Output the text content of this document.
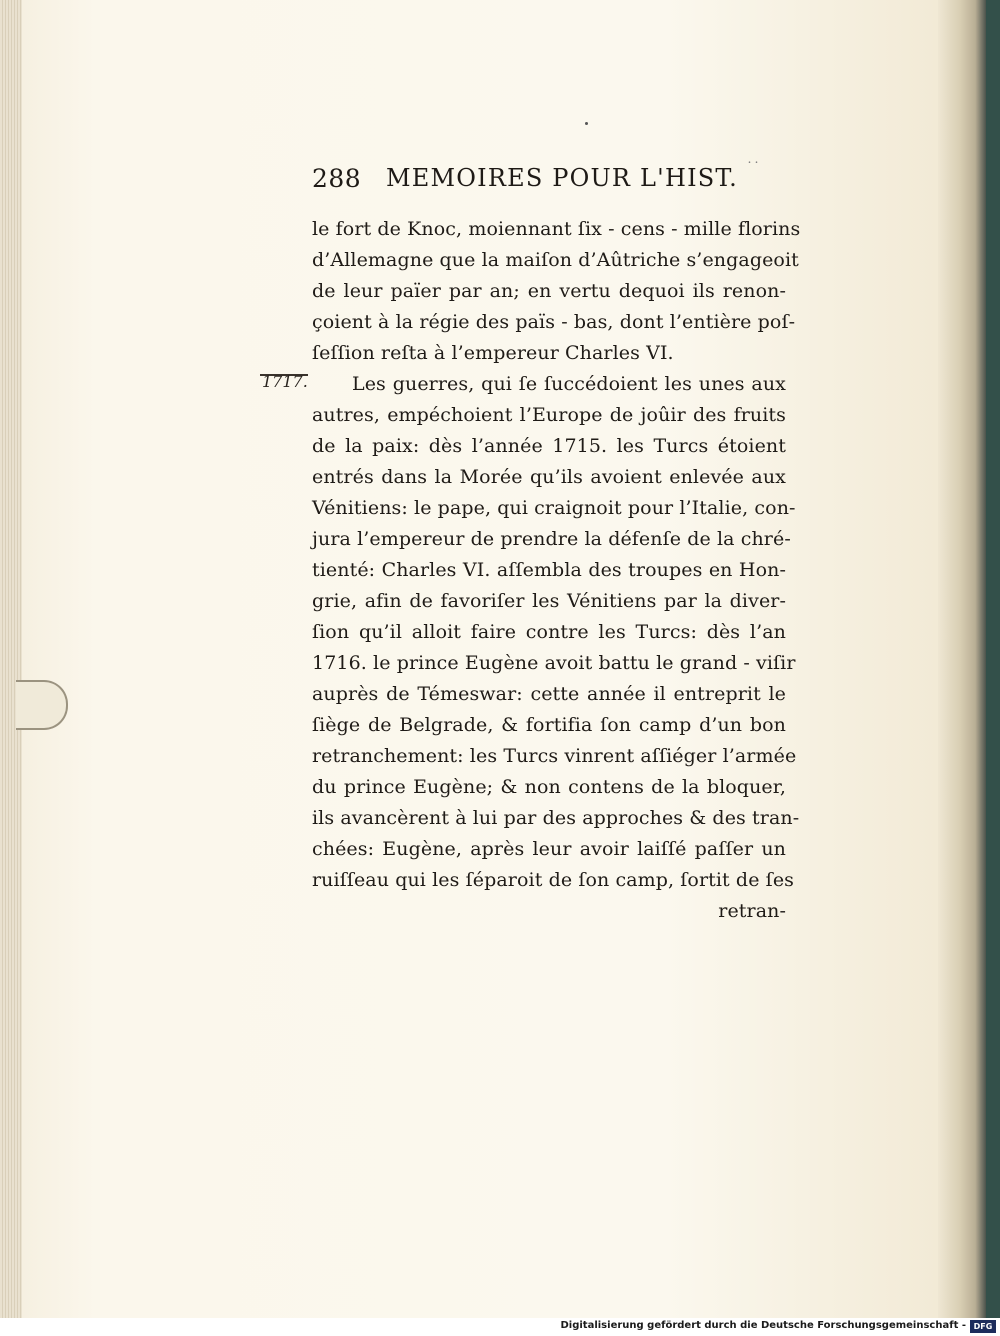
288 MEMOIRES POUR L'HIST. ˙˙
1717.
le fort de Knoc, moiennant ſix - cens - mille florins
d’Allemagne que la maiſon d’Aûtriche s’engageoit
de leur païer par an; en vertu dequoi ils renon-
çoient à la régie des païs - bas, dont l’entière poſ-
ſeſſion reſta à l’empereur Charles VI.
Les guerres, qui ſe ſuccédoient les unes aux
autres, empéchoient l’Europe de joûir des fruits
de la paix: dès l’année 1715. les Turcs étoient
entrés dans la Morée qu’ils avoient enlevée aux
Vénitiens: le pape, qui craignoit pour l’Italie, con-
jura l’empereur de prendre la défenſe de la chré-
tienté: Charles VI. aſſembla des troupes en Hon-
grie, afin de favoriſer les Vénitiens par la diver-
ſion qu’il alloit faire contre les Turcs: dès l’an
1716. le prince Eugène avoit battu le grand - viſir
auprès de Témeswar: cette année il entreprit le
ſiège de Belgrade, & fortifia ſon camp d’un bon
retranchement: les Turcs vinrent aſſiéger l’armée
du prince Eugène; & non contens de la bloquer,
ils avancèrent à lui par des approches & des tran-
chées: Eugène, après leur avoir laiſſé paſſer un
ruiſſeau qui les ſéparoit de ſon camp, ſortit de ſes
retran-
Digitalisierung gefördert durch die Deutsche Forschungsgemeinschaft - DFG
